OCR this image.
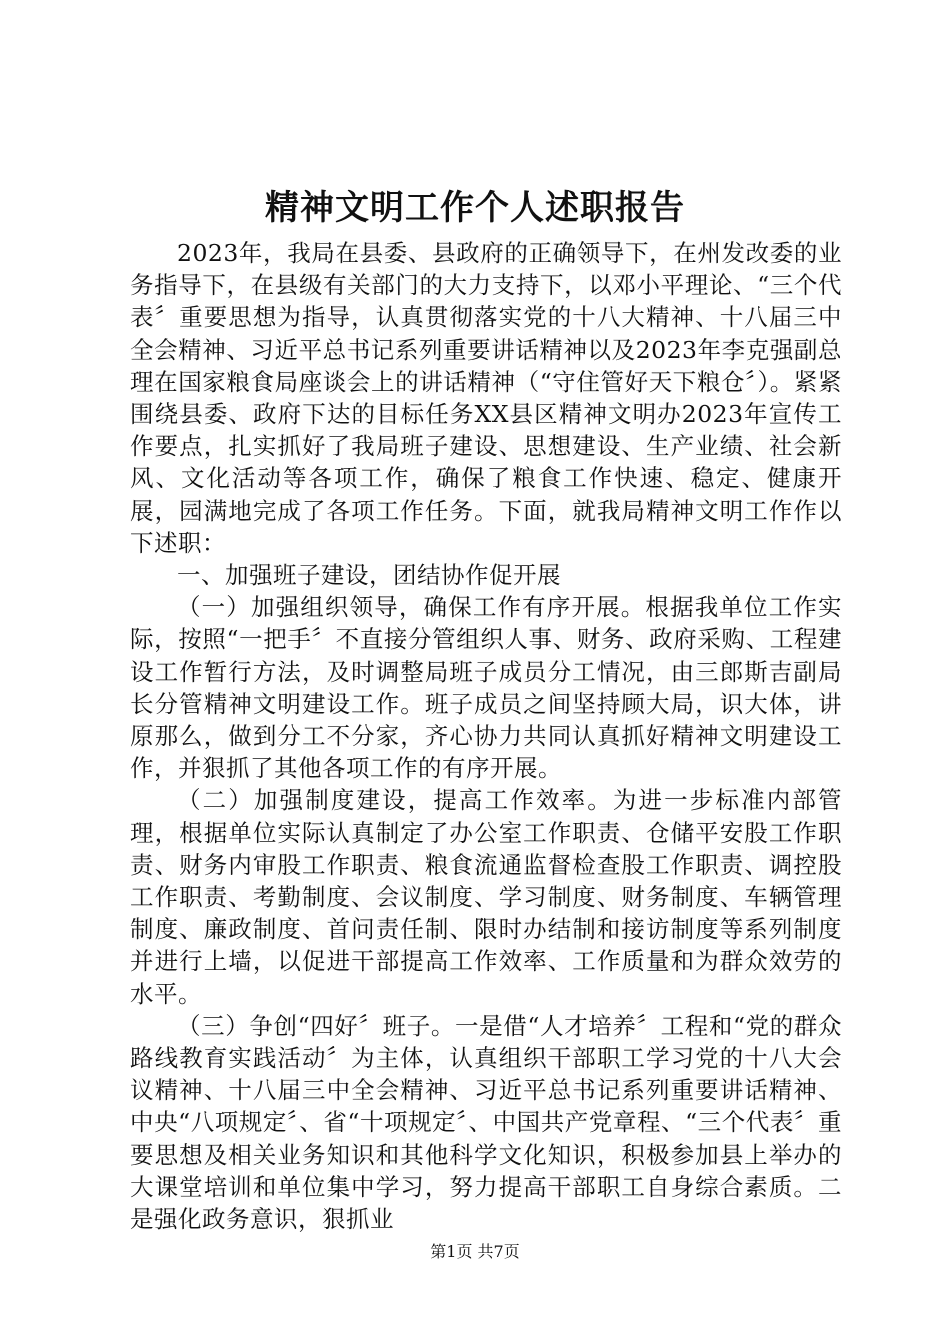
精神文明工作个人述职报告

2023年，我局在县委、县政府的正确领导下，在州发改委的业务指导下，在县级有关部门的大力支持下，以邓小平理论、“三个代表〞重要思想为指导，认真贯彻落实党的十八大精神、十八届三中全会精神、习近平总书记系列重要讲话精神以及2023年李克强副总理在国家粮食局座谈会上的讲话精神（“守住管好天下粮仓〞）。紧紧围绕县委、政府下达的目标任务XX县区精神文明办2023年宣传工作要点，扎实抓好了我局班子建设、思想建设、生产业绩、社会新风、文化活动等各项工作，确保了粮食工作快速、稳定、健康开展，园满地完成了各项工作任务。下面，就我局精神文明工作作以下述职：

一、加强班子建设，团结协作促开展

（一）加强组织领导，确保工作有序开展。根据我单位工作实际，按照“一把手〞不直接分管组织人事、财务、政府采购、工程建设工作暂行方法，及时调整局班子成员分工情况，由三郎斯吉副局长分管精神文明建设工作。班子成员之间坚持顾大局，识大体，讲原那么，做到分工不分家，齐心协力共同认真抓好精神文明建设工作，并狠抓了其他各项工作的有序开展。

（二）加强制度建设，提高工作效率。为进一步标准内部管理，根据单位实际认真制定了办公室工作职责、仓储平安股工作职责、财务内审股工作职责、粮食流通监督检查股工作职责、调控股工作职责、考勤制度、会议制度、学习制度、财务制度、车辆管理制度、廉政制度、首问责任制、限时办结制和接访制度等系列制度并进行上墙，以促进干部提高工作效率、工作质量和为群众效劳的水平。

（三）争创“四好〞班子。一是借“人才培养〞工程和“党的群众路线教育实践活动〞为主体，认真组织干部职工学习党的十八大会议精神、十八届三中全会精神、习近平总书记系列重要讲话精神、中央“八项规定〞、省“十项规定〞、中国共产党章程、“三个代表〞重要思想及相关业务知识和其他科学文化知识，积极参加县上举办的大课堂培训和单位集中学习，努力提高干部职工自身综合素质。二是强化政务意识，狠抓业

第1页 共7页
